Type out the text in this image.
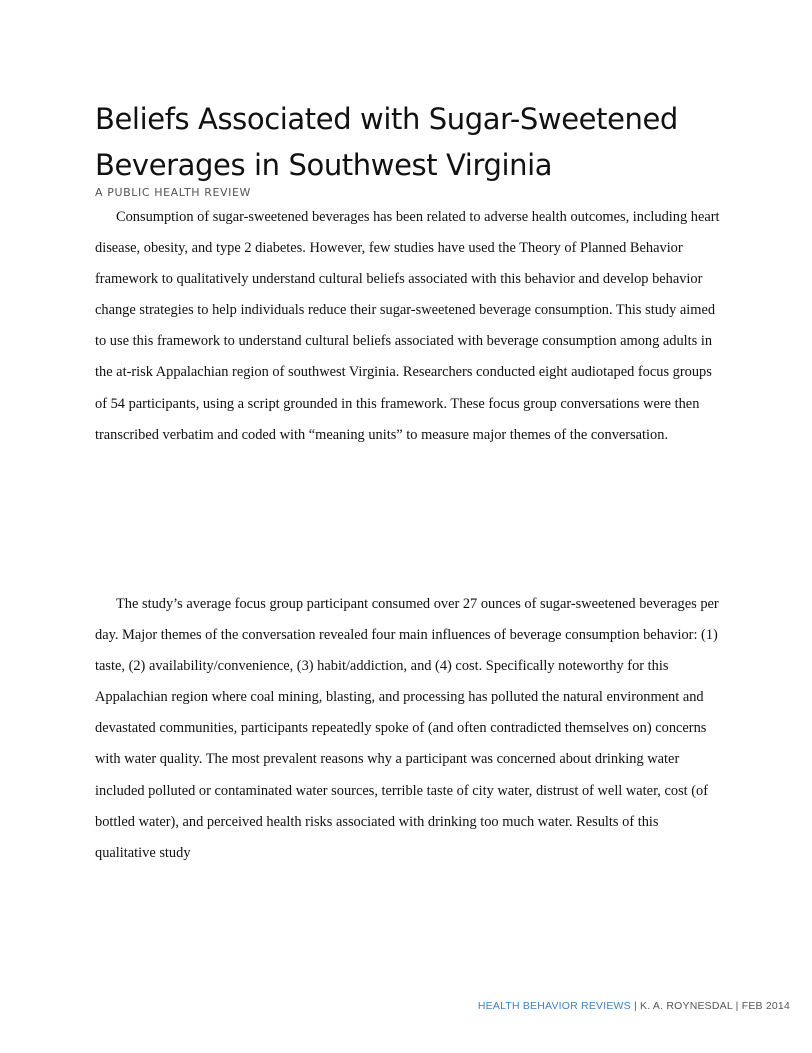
Beliefs Associated with Sugar-Sweetened Beverages in Southwest Virginia
A PUBLIC HEALTH REVIEW

Consumption of sugar-sweetened beverages has been related to adverse health outcomes, including heart disease, obesity, and type 2 diabetes. However, few studies have used the Theory of Planned Behavior framework to qualitatively understand cultural beliefs associated with this behavior and develop behavior change strategies to help individuals reduce their sugar-sweetened beverage consumption. This study aimed to use this framework to understand cultural beliefs associated with beverage consumption among adults in the at-risk Appalachian region of southwest Virginia. Researchers conducted eight audiotaped focus groups of 54 participants, using a script grounded in this framework. These focus group conversations were then transcribed verbatim and coded with “meaning units” to measure major themes of the conversation.

The study’s average focus group participant consumed over 27 ounces of sugar-sweetened beverages per day. Major themes of the conversation revealed four main influences of beverage consumption behavior: (1) taste, (2) availability/convenience, (3) habit/addiction, and (4) cost. Specifically noteworthy for this Appalachian region where coal mining, blasting, and processing has polluted the natural environment and devastated communities, participants repeatedly spoke of (and often contradicted themselves on) concerns with water quality. The most prevalent reasons why a participant was concerned about drinking water included polluted or contaminated water sources, terrible taste of city water, distrust of well water, cost (of bottled water), and perceived health risks associated with drinking too much water. Results of this qualitative study

HEALTH BEHAVIOR REVIEWS | K. A. ROYNESDAL | FEB 2014
